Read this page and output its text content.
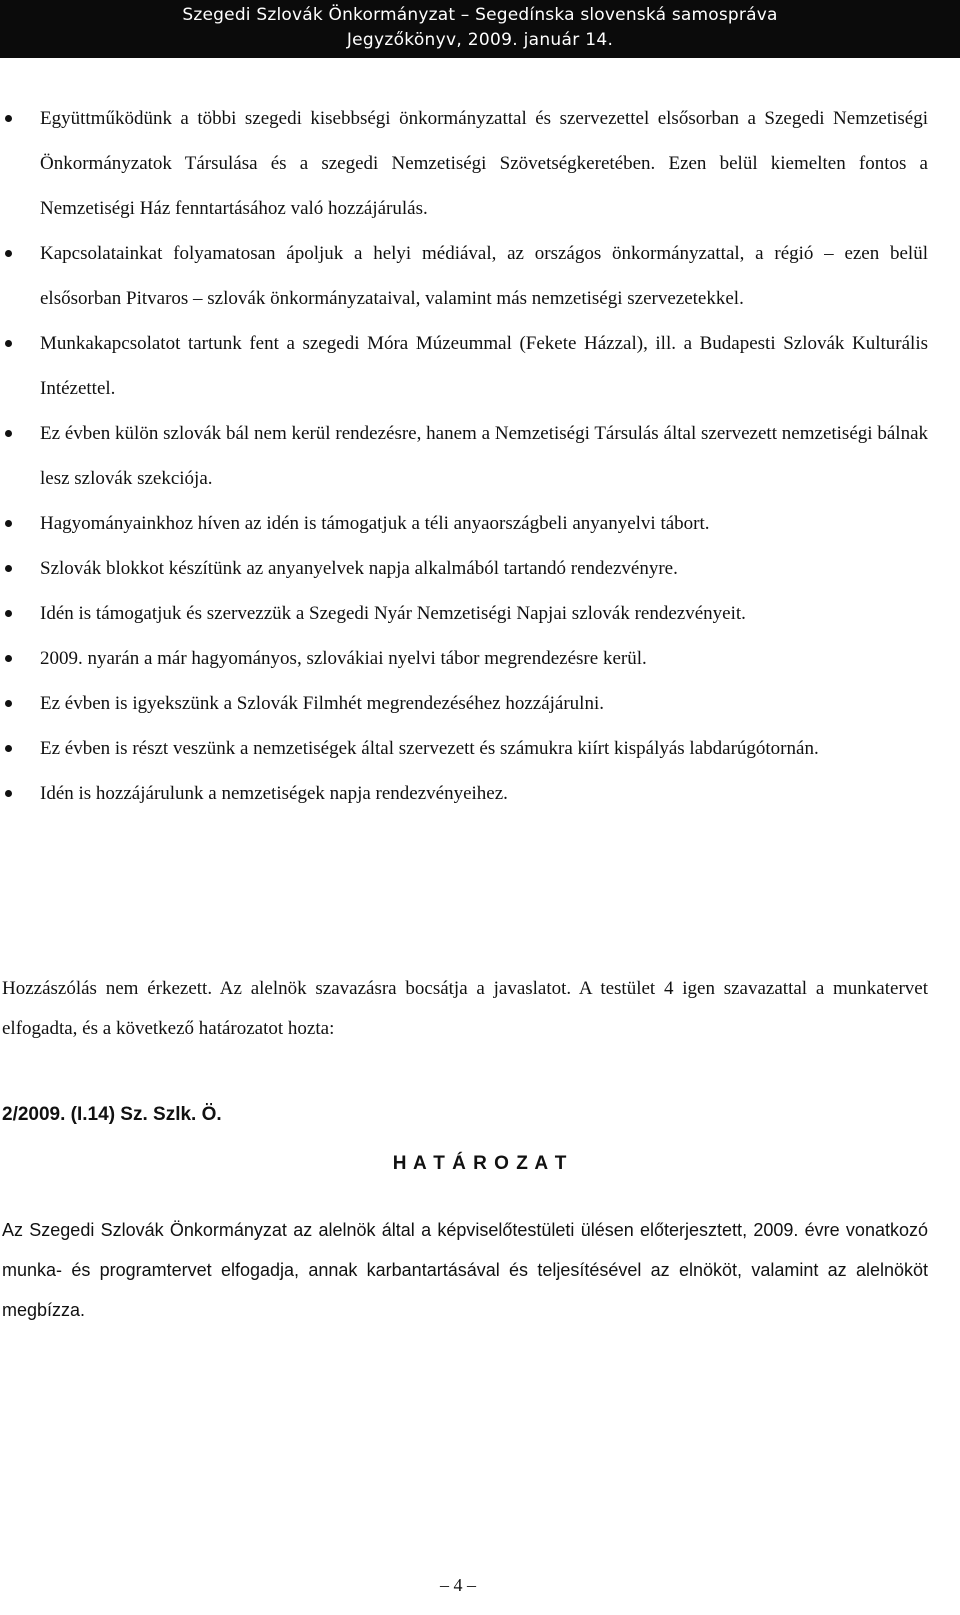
Szegedi Szlovák Önkormányzat – Segedínska slovenská samospráva
Jegyzőkönyv, 2009. január 14.
Együttműködünk a többi szegedi kisebbségi önkormányzattal és szervezettel elsősorban a Szegedi Nemzetiségi Önkormányzatok Társulása és a szegedi Nemzetiségi Szövetségkeretében. Ezen belül kiemelten fontos a Nemzetiségi Ház fenntartásához való hozzájárulás.
Kapcsolatainkat folyamatosan ápoljuk a helyi médiával, az országos önkormányzattal, a régió – ezen belül elsősorban Pitvaros – szlovák önkormányzataival, valamint más nemzetiségi szervezetekkel.
Munkakapcsolatot tartunk fent a szegedi Móra Múzeummal (Fekete Házzal), ill. a Budapesti Szlovák Kulturális Intézettel.
Ez évben külön szlovák bál nem kerül rendezésre, hanem a Nemzetiségi Társulás által szervezett nemzetiségi bálnak lesz szlovák szekciója.
Hagyományainkhoz híven az idén is támogatjuk a téli anyaországbeli anyanyelvi tábort.
Szlovák blokkot készítünk az anyanyelvek napja alkalmából tartandó rendezvényre.
Idén is támogatjuk és szervezzük a Szegedi Nyár Nemzetiségi Napjai szlovák rendezvényeit.
2009. nyarán a már hagyományos, szlovákiai nyelvi tábor megrendezésre kerül.
Ez évben is igyekszünk a Szlovák Filmhét megrendezéséhez hozzájárulni.
Ez évben is részt veszünk a nemzetiségek által szervezett és számukra kiírt kispályás labdarúgótornán.
Idén is hozzájárulunk a nemzetiségek napja rendezvényeihez.
Hozzászólás nem érkezett. Az alelnök szavazásra bocsátja a javaslatot. A testület 4 igen szavazattal a munkatervet elfogadta, és a következő határozatot hozta:
2/2009. (I.14) Sz. Szlk. Ö.
H A T Á R O Z A T
Az Szegedi Szlovák Önkormányzat az alelnök által a képviselőtestületi ülésen előterjesztett, 2009. évre vonatkozó munka- és programtervet elfogadja, annak karbantartásával és teljesítésével az elnököt, valamint az alelnököt megbízza.
– 4 –
